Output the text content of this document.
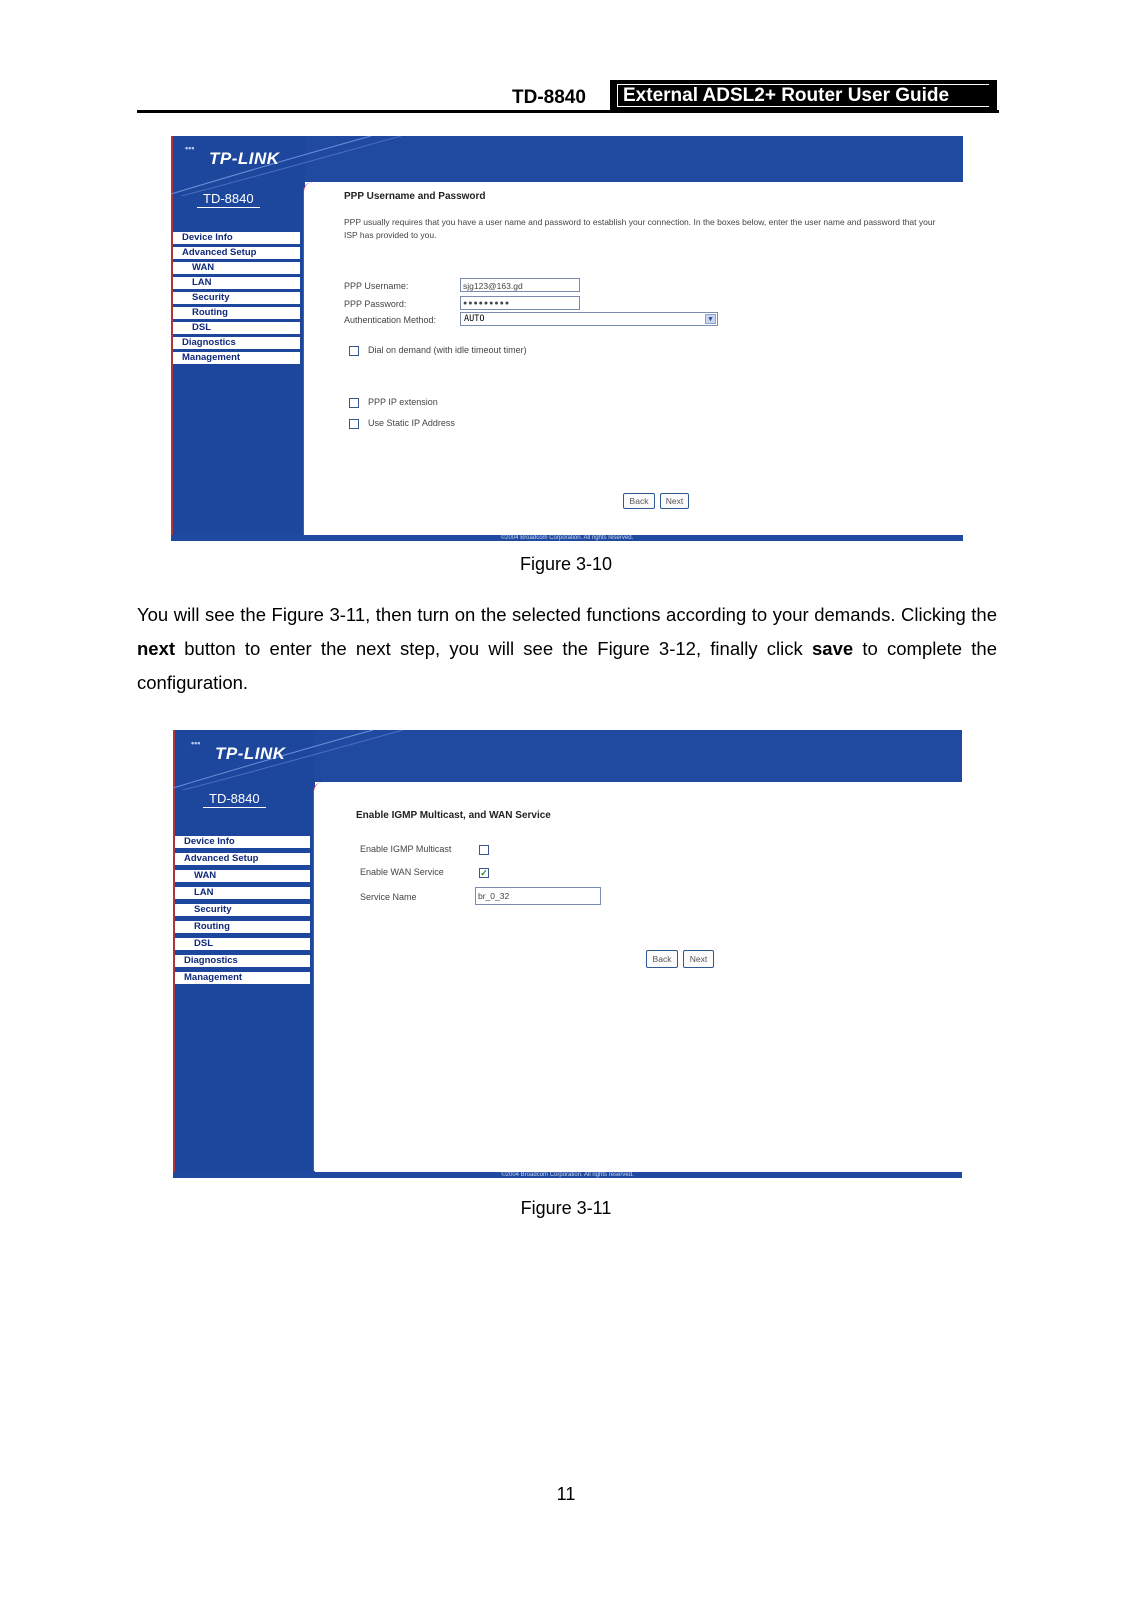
TD-8840	External ADSL2+ Router User Guide
•••
TP-LINK
TD-8840
Device Info
Advanced Setup
WAN
LAN
Security
Routing
DSL
Diagnostics
Management
PPP Username and Password
PPP usually requires that you have a user name and password to establish your connection. In the boxes below, enter the user name and password that your ISP has provided to you.
PPP Username:	sjg123@163.gd
PPP Password:	●●●●●●●●●
Authentication Method:	AUTO	▼
Dial on demand (with idle timeout timer)
PPP IP extension
Use Static IP Address
Back	Next
©2004 Broadcom Corporation. All rights reserved.
Figure 3-10
You will see the Figure 3-11, then turn on the selected functions according to your demands. Clicking the next button to enter the next step, you will see the Figure 3-12, finally click save to complete the configuration.
•••
TP-LINK
TD-8840
Device Info
Advanced Setup
WAN
LAN
Security
Routing
DSL
Diagnostics
Management
Enable IGMP Multicast, and WAN Service
Enable IGMP Multicast
Enable WAN Service	✓
Service Name	br_0_32
Back	Next
©2004 Broadcom Corporation. All rights reserved.
Figure 3-11
11
